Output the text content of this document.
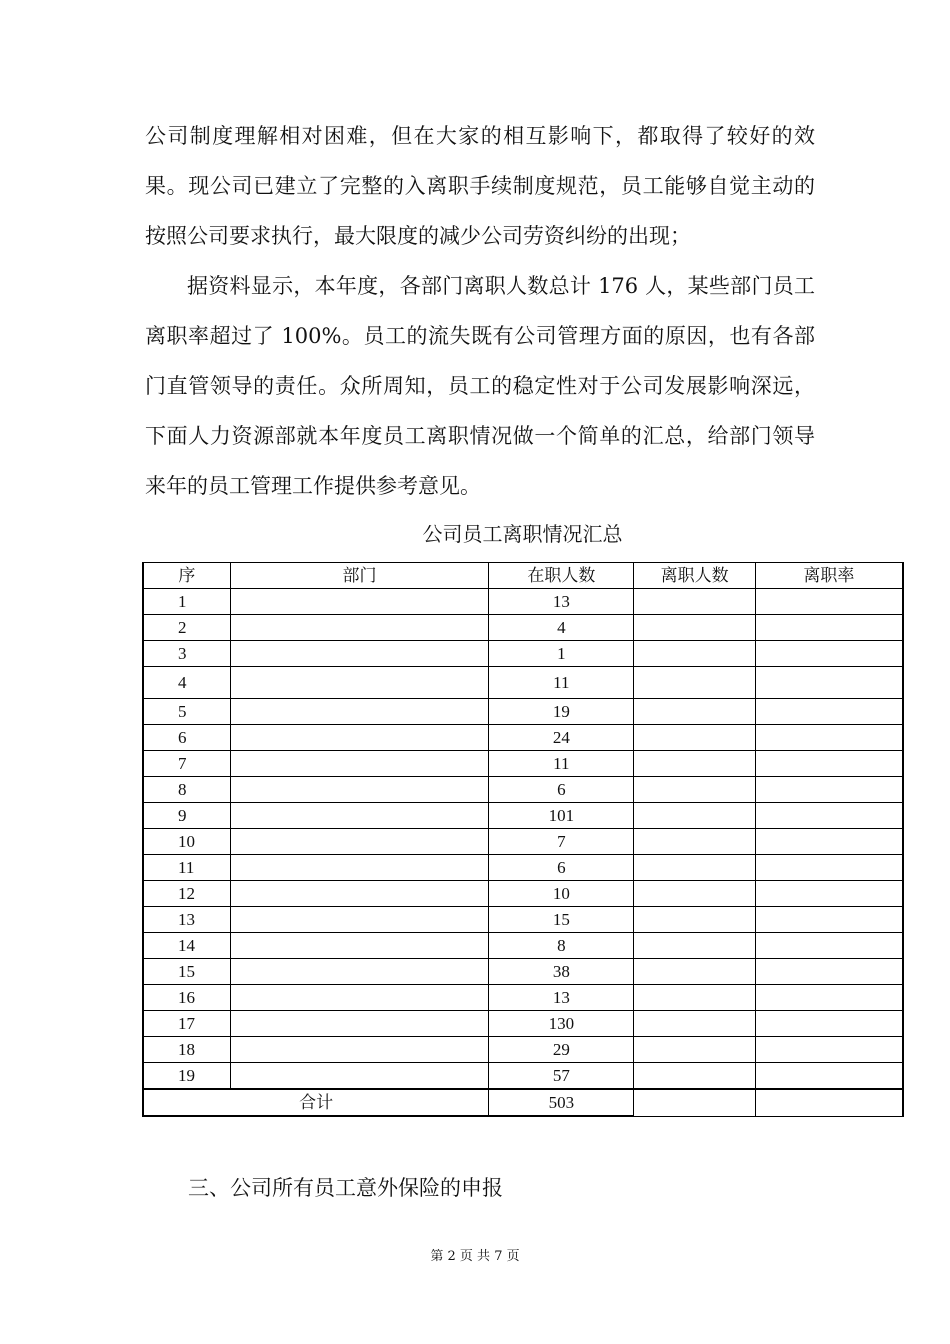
公司制度理解相对困难，但在大家的相互影响下，都取得了较好的效果。现公司已建立了完整的入离职手续制度规范，员工能够自觉主动的按照公司要求执行，最大限度的减少公司劳资纠纷的出现；

据资料显示，本年度，各部门离职人数总计 176 人，某些部门员工离职率超过了 100%。员工的流失既有公司管理方面的原因，也有各部门直管领导的责任。众所周知，员工的稳定性对于公司发展影响深远，下面人力资源部就本年度员工离职情况做一个简单的汇总，给部门领导来年的员工管理工作提供参考意见。

公司员工离职情况汇总
序	部门	在职人数	离职人数	离职率
1		13		
2		4		
3		1		
4		11		
5		19		
6		24		
7		11		
8		6		
9		101		
10		7		
11		6		
12		10		
13		15		
14		8		
15		38		
16		13		
17		130		
18		29		
19		57		
合计		503		

三、公司所有员工意外保险的申报

第 2 页 共 7 页
